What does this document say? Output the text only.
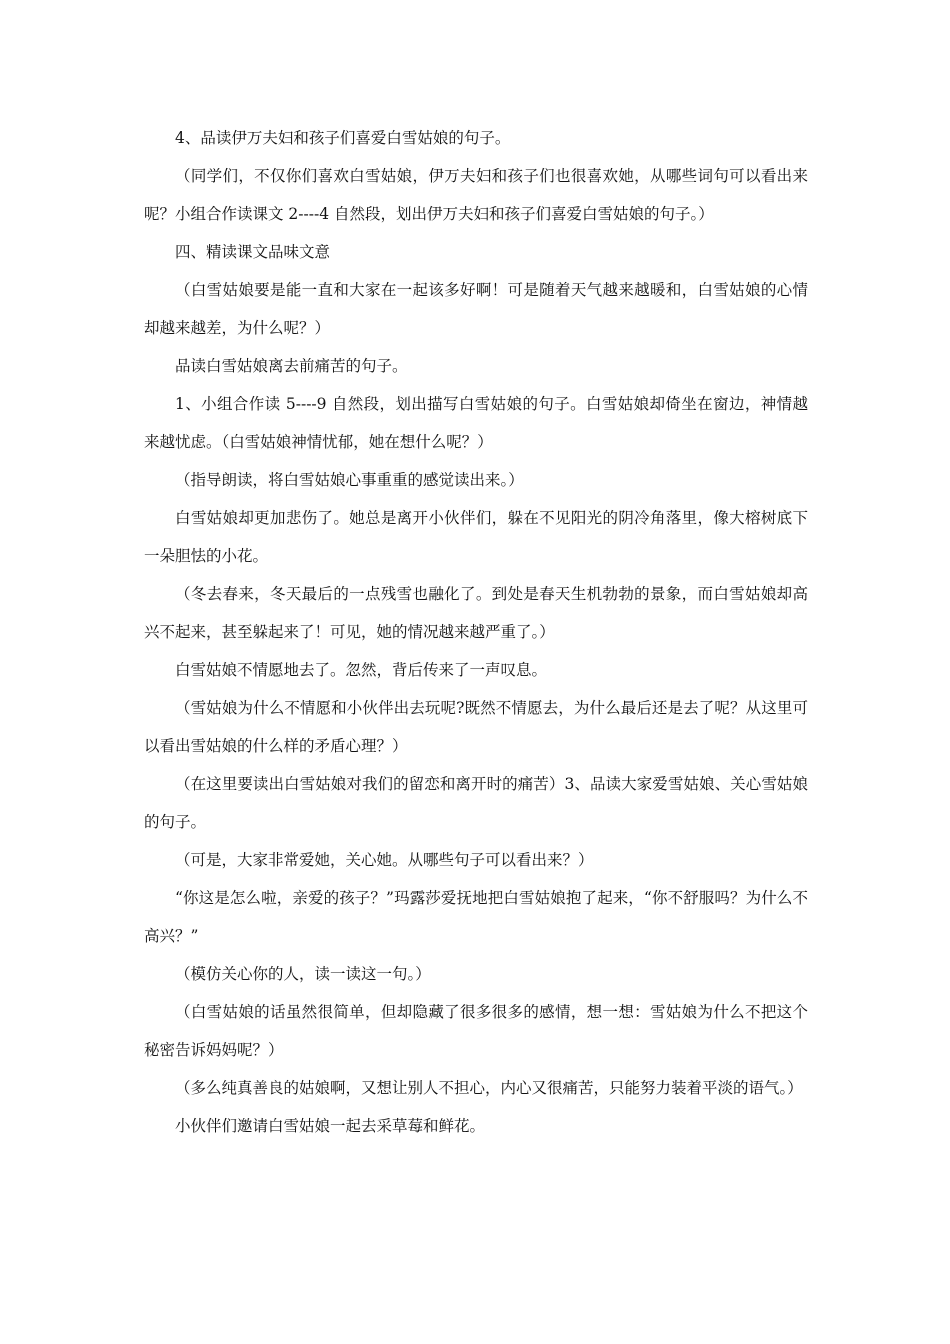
4、品读伊万夫妇和孩子们喜爱白雪姑娘的句子。

（同学们，不仅你们喜欢白雪姑娘，伊万夫妇和孩子们也很喜欢她，从哪些词句可以看出来呢？小组合作读课文 2----4 自然段，划出伊万夫妇和孩子们喜爱白雪姑娘的句子。）

四、精读课文品味文意

（白雪姑娘要是能一直和大家在一起该多好啊！可是随着天气越来越暖和，白雪姑娘的心情却越来越差，为什么呢？）

品读白雪姑娘离去前痛苦的句子。

1、小组合作读 5----9 自然段，划出描写白雪姑娘的句子。白雪姑娘却倚坐在窗边，神情越来越忧虑。（白雪姑娘神情忧郁，她在想什么呢？）

（指导朗读，将白雪姑娘心事重重的感觉读出来。）

白雪姑娘却更加悲伤了。她总是离开小伙伴们，躲在不见阳光的阴冷角落里，像大榕树底下一朵胆怯的小花。

（冬去春来，冬天最后的一点残雪也融化了。到处是春天生机勃勃的景象，而白雪姑娘却高兴不起来，甚至躲起来了！可见，她的情况越来越严重了。）

白雪姑娘不情愿地去了。忽然，背后传来了一声叹息。

（雪姑娘为什么不情愿和小伙伴出去玩呢?既然不情愿去，为什么最后还是去了呢？从这里可以看出雪姑娘的什么样的矛盾心理？）

（在这里要读出白雪姑娘对我们的留恋和离开时的痛苦）3、品读大家爱雪姑娘、关心雪姑娘的句子。

（可是，大家非常爱她，关心她。从哪些句子可以看出来？）

“你这是怎么啦，亲爱的孩子？”玛露莎爱抚地把白雪姑娘抱了起来，“你不舒服吗？为什么不高兴？”

（模仿关心你的人，读一读这一句。）

（白雪姑娘的话虽然很简单，但却隐藏了很多很多的感情，想一想：雪姑娘为什么不把这个秘密告诉妈妈呢？）

（多么纯真善良的姑娘啊，又想让别人不担心，内心又很痛苦，只能努力装着平淡的语气。）

小伙伴们邀请白雪姑娘一起去采草莓和鲜花。
